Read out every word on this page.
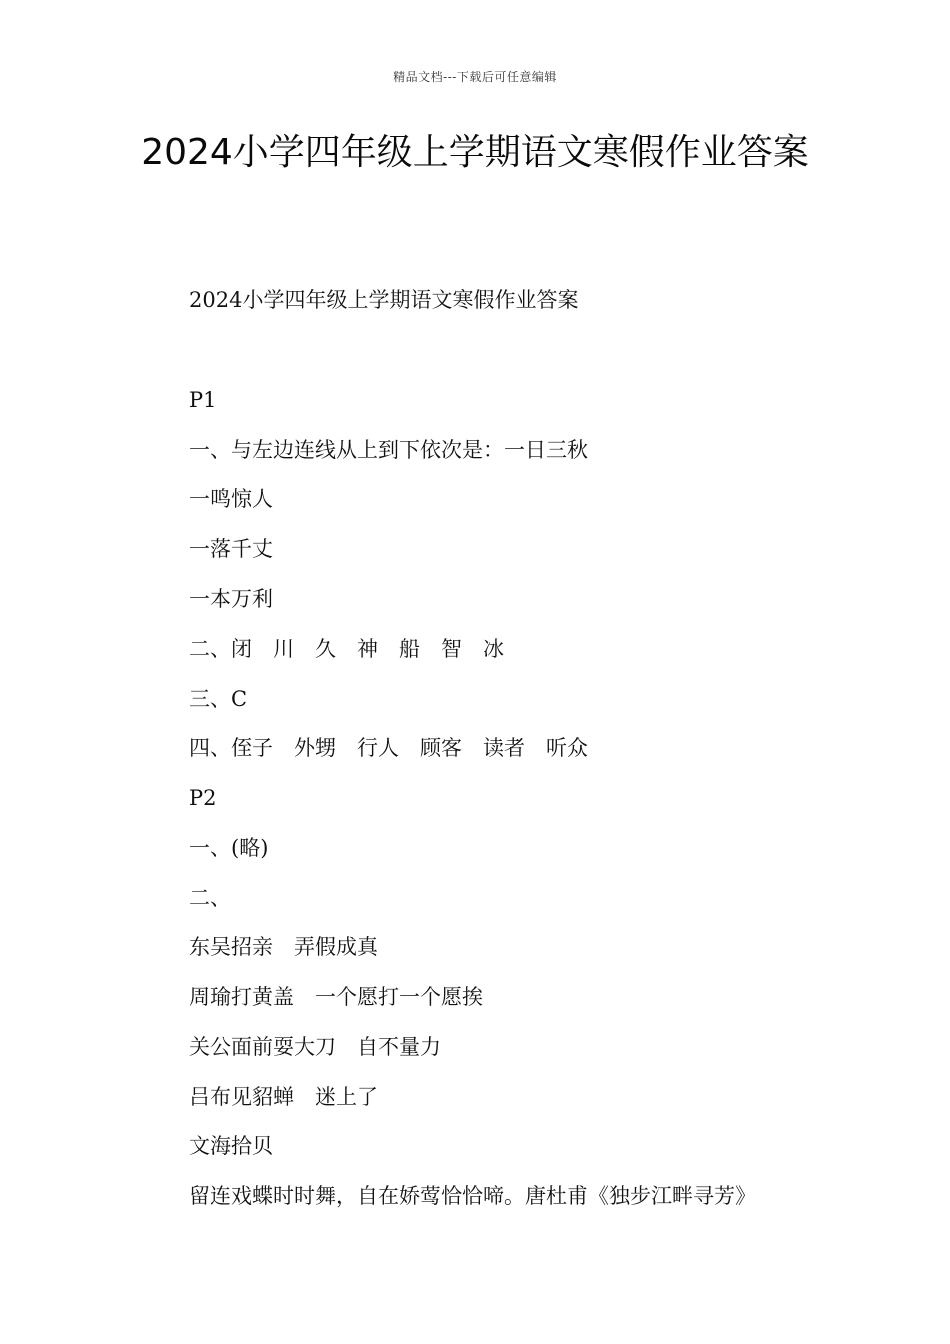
精品文档---下载后可任意编辑
2024小学四年级上学期语文寒假作业答案
2024小学四年级上学期语文寒假作业答案
P1
一、与左边连线从上到下依次是：一日三秋
一鸣惊人
一落千丈
一本万利
二、闭　川　久　神　船　智　冰
三、C
四、侄子　外甥　行人　顾客　读者　听众
P2
一、(略)
二、
东吴招亲　弄假成真
周瑜打黄盖　一个愿打一个愿挨
关公面前耍大刀　自不量力
吕布见貂蝉　迷上了
文海拾贝
留连戏蝶时时舞，自在娇莺恰恰啼。唐杜甫《独步江畔寻芳》
